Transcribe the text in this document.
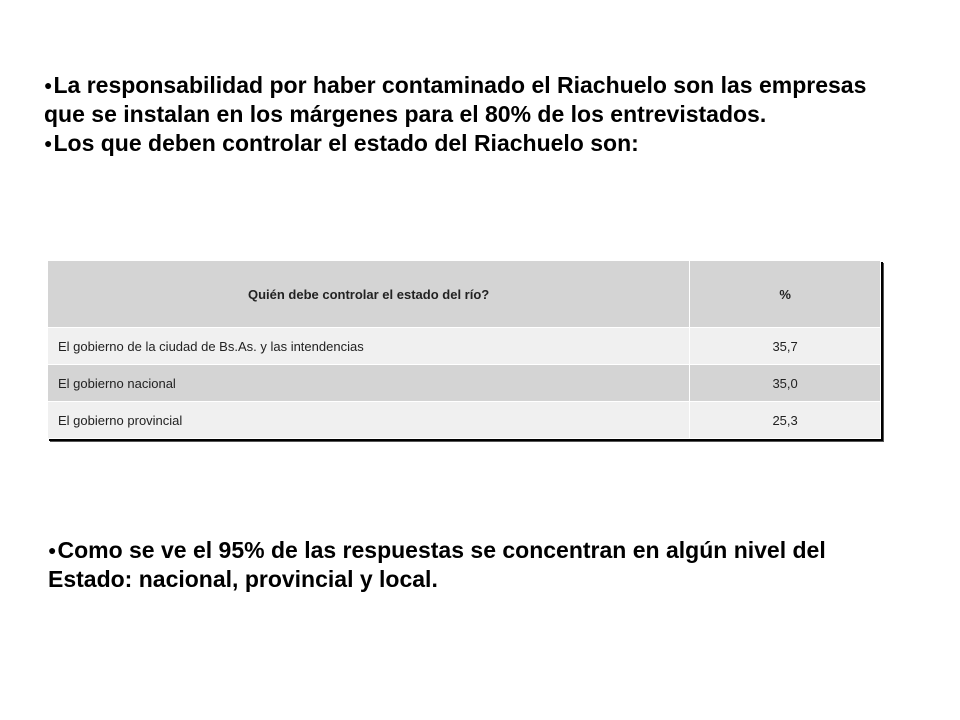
●La responsabilidad por haber contaminado el Riachuelo son las empresas que se instalan en los márgenes para el 80% de los entrevistados.

●Los que deben controlar el estado del Riachuelo son:

Quién debe controlar el estado del río?	%
El gobierno de la ciudad de Bs.As. y las intendencias	35,7
El gobierno nacional	35,0
El gobierno provincial	25,3

●Como se ve el 95% de las respuestas se concentran en algún nivel del Estado: nacional, provincial y local.
